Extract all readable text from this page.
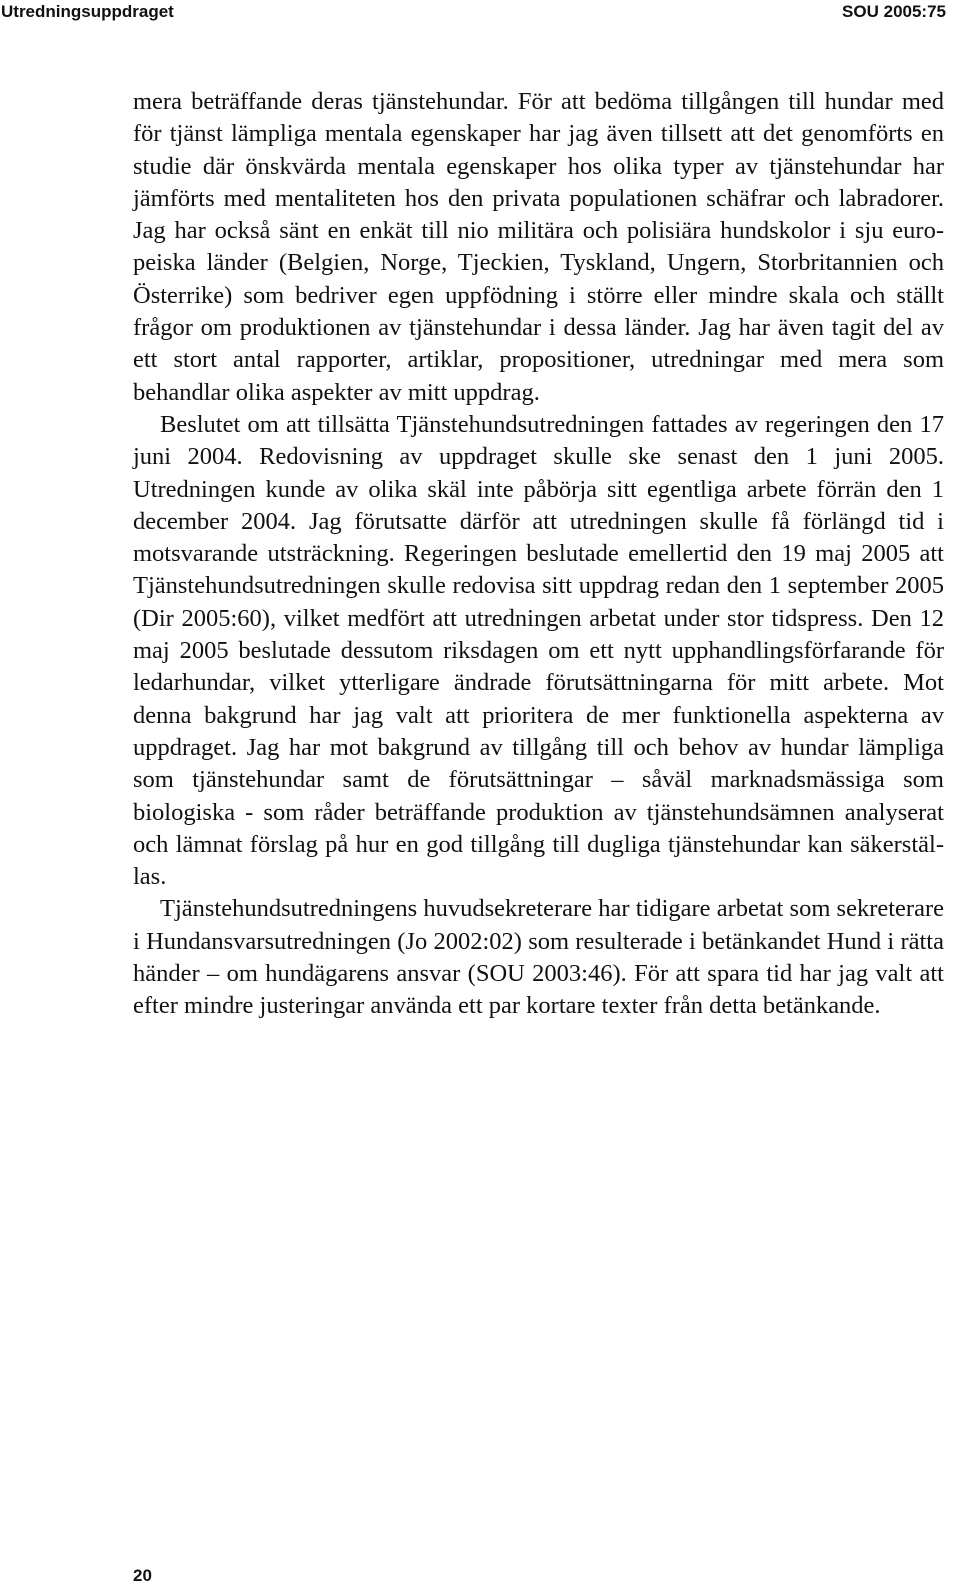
Utredningsuppdraget	SOU 2005:75

mera beträffande deras tjänstehundar. För att bedöma tillgången till hundar med för tjänst lämpliga mentala egenskaper har jag även tillsett att det genomförts en studie där önskvärda mentala egenskaper hos olika typer av tjänstehundar har jämförts med mentaliteten hos den privata populationen schäfrar och labradorer. Jag har också sänt en enkät till nio militära och polisiära hundskolor i sju europeiska länder (Belgien, Norge, Tjeckien, Tyskland, Ungern, Storbritannien och Österrike) som bedriver egen uppfödning i större eller mindre skala och ställt frågor om produktionen av tjänstehundar i dessa länder. Jag har även tagit del av ett stort antal rapporter, artiklar, propositioner, utredningar med mera som behandlar olika aspekter av mitt uppdrag.

Beslutet om att tillsätta Tjänstehundsutredningen fattades av regeringen den 17 juni 2004. Redovisning av uppdraget skulle ske senast den 1 juni 2005. Utredningen kunde av olika skäl inte påbörja sitt egentliga arbete förrän den 1 december 2004. Jag förutsatte därför att utredningen skulle få förlängd tid i motsvarande utsträckning. Regeringen beslutade emellertid den 19 maj 2005 att Tjänstehundsutredningen skulle redovisa sitt uppdrag redan den 1 september 2005 (Dir 2005:60), vilket medfört att utredningen arbetat under stor tidspress. Den 12 maj 2005 beslutade dessutom riksdagen om ett nytt upphandlingsförfarande för ledarhundar, vilket ytterligare ändrade förutsättningarna för mitt arbete. Mot denna bakgrund har jag valt att prioritera de mer funktionella aspekterna av uppdraget. Jag har mot bakgrund av tillgång till och behov av hundar lämpliga som tjänstehundar samt de förutsättningar – såväl marknadsmässiga som biologiska - som råder beträffande produktion av tjänstehundsämnen analyserat och lämnat förslag på hur en god tillgång till dugliga tjänstehundar kan säkerställas.

Tjänstehundsutredningens huvudsekreterare har tidigare arbetat som sekreterare i Hundansvarsutredningen (Jo 2002:02) som resulterade i betänkandet Hund i rätta händer – om hundägarens ansvar (SOU 2003:46). För att spara tid har jag valt att efter mindre justeringar använda ett par kortare texter från detta betänkande.

20
